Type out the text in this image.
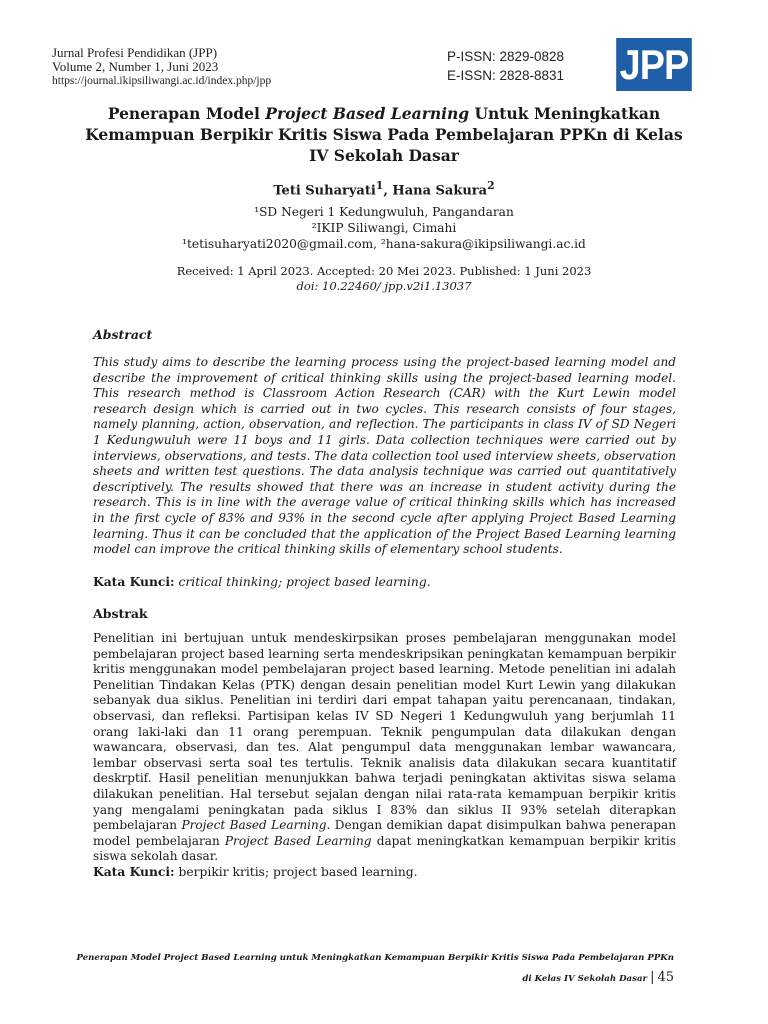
Jurnal Profesi Pendidikan (JPP)
Volume 2, Number 1, Juni 2023
https://journal.ikipsiliwangi.ac.id/index.php/jpp
P-ISSN: 2829-0828
E-ISSN: 2828-8831 JPP
Penerapan Model Project Based Learning Untuk Meningkatkan Kemampuan Berpikir Kritis Siswa Pada Pembelajaran PPKn di Kelas IV Sekolah Dasar
Teti Suharyati$^1$, Hana Sakura$^2$
¹SD Negeri 1 Kedungwuluh, Pangandaran
²IKIP Siliwangi, Cimahi
¹tetisuharyati2020@gmail.com, ²hana-sakura@ikipsiliwangi.ac.id
Received: 1 April 2023. Accepted: 20 Mei 2023. Published: 1 Juni 2023
doi: 10.22460/ jpp.v2i1.13037
Abstract
This study aims to describe the learning process using the project-based learning model and describe the improvement of critical thinking skills using the project-based learning model. This research method is Classroom Action Research (CAR) with the Kurt Lewin model research design which is carried out in two cycles. This research consists of four stages, namely planning, action, observation, and reflection. The participants in class IV of SD Negeri 1 Kedungwuluh were 11 boys and 11 girls. Data collection techniques were carried out by interviews, observations, and tests. The data collection tool used interview sheets, observation sheets and written test questions. The data analysis technique was carried out quantitatively descriptively. The results showed that there was an increase in student activity during the research. This is in line with the average value of critical thinking skills which has increased in the first cycle of 83% and 93% in the second cycle after applying Project Based Learning learning. Thus it can be concluded that the application of the Project Based Learning learning model can improve the critical thinking skills of elementary school students.
Kata Kunci: critical thinking; project based learning.
Abstrak
Penelitian ini bertujuan untuk mendeskirpsikan proses pembelajaran menggunakan model pembelajaran project based learning serta mendeskripsikan peningkatan kemampuan berpikir kritis menggunakan model pembelajaran project based learning. Metode penelitian ini adalah Penelitian Tindakan Kelas (PTK) dengan desain penelitian model Kurt Lewin yang dilakukan sebanyak dua siklus. Penelitian ini terdiri dari empat tahapan yaitu perencanaan, tindakan, observasi, dan refleksi. Partisipan kelas IV SD Negeri 1 Kedungwuluh yang berjumlah 11 orang laki-laki dan 11 orang perempuan. Teknik pengumpulan data dilakukan dengan wawancara, observasi, dan tes. Alat pengumpul data menggunakan lembar wawancara, lembar observasi serta soal tes tertulis. Teknik analisis data dilakukan secara kuantitatif deskrptif. Hasil penelitian menunjukkan bahwa terjadi peningkatan aktivitas siswa selama dilakukan penelitian. Hal tersebut sejalan dengan nilai rata-rata kemampuan berpikir kritis yang mengalami peningkatan pada siklus I 83% dan siklus II 93% setelah diterapkan pembelajaran Project Based Learning. Dengan demikian dapat disimpulkan bahwa penerapan model pembelajaran Project Based Learning dapat meningkatkan kemampuan berpikir kritis siswa sekolah dasar.
Kata Kunci: berpikir kritis; project based learning.
Penerapan Model Project Based Learning untuk Meningkatkan Kemampuan Berpikir Kritis Siswa Pada Pembelajaran PPKn
di Kelas IV Sekolah Dasar | 45
